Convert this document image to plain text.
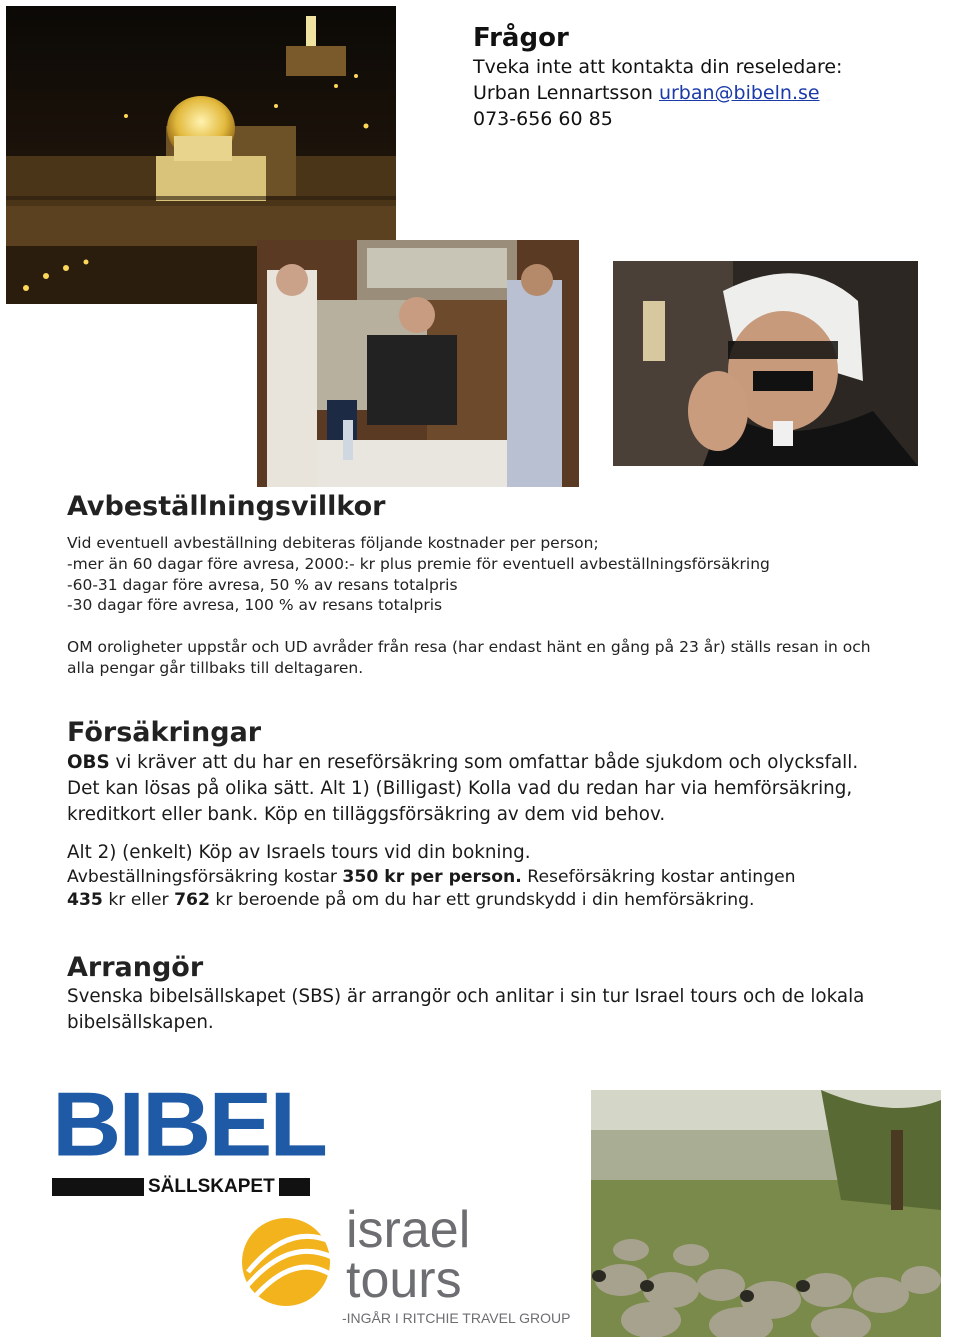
Frågor
Tveka inte att kontakta din reseledare:
Urban Lennartsson urban@bibeln.se
073-656 60 85
Avbeställningsvillkor

Vid eventuell avbeställning debiteras följande kostnader per person;

-mer än 60 dagar före avresa, 2000:- kr plus premie för eventuell avbeställningsförsäkring

-60-31 dagar före avresa, 50 % av resans totalpris

-30 dagar före avresa, 100 % av resans totalpris

OM oroligheter uppstår och UD avråder från resa (har endast hänt en gång på 23 år) ställs resan in och

alla pengar går tillbaks till deltagaren.

Försäkringar

OBS vi kräver att du har en reseförsäkring som omfattar både sjukdom och olycksfall.

Det kan lösas på olika sätt. Alt 1) (Billigast) Kolla vad du redan har via hemförsäkring,

kreditkort eller bank. Köp en tilläggsförsäkring av dem vid behov.

Alt 2) (enkelt) Köp av Israels tours vid din bokning.

Avbeställningsförsäkring kostar 350 kr per person. Reseförsäkring kostar antingen

435 kr eller 762 kr beroende på om du har ett grundskydd i din hemförsäkring.

Arrangör

Svenska bibelsällskapet (SBS) är arrangör och anlitar i sin tur Israel tours och de lokala

bibelsällskapen.

BIBEL
SÄLLSKAPET
israel
tours
-INGÅR I RITCHIE TRAVEL GROUP
